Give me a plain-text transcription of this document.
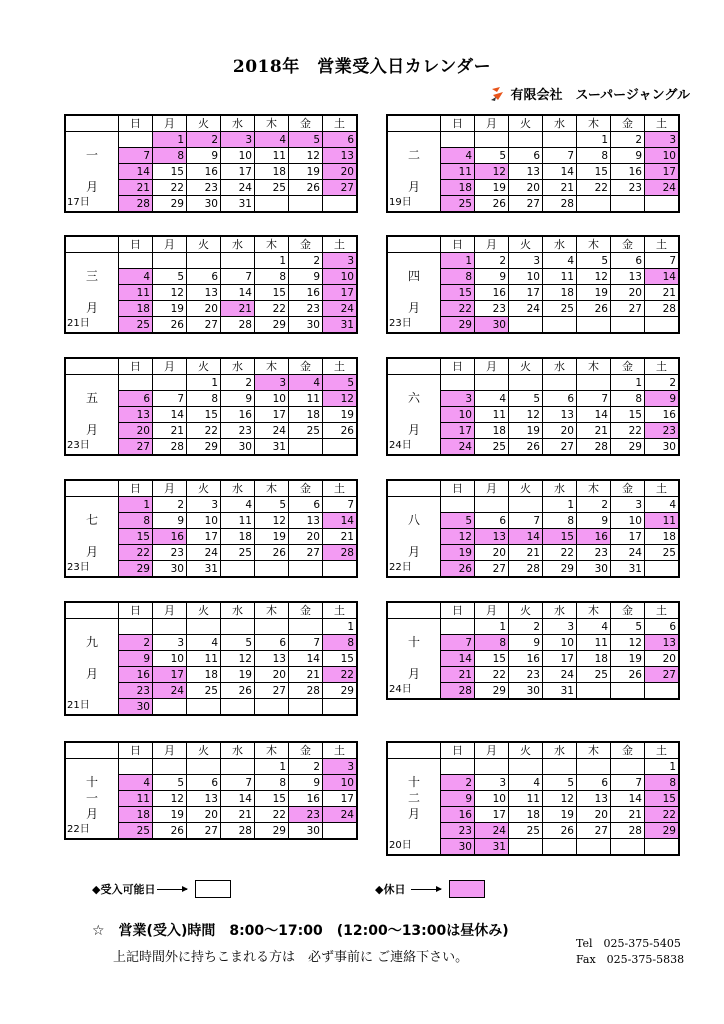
2018年　営業受入日カレンダー
有限会社　スーパージャングル
	日	月	火	水	木	金	土
		1	2	3	4	5	6
一	7	8	9	10	11	12	13
	14	15	16	17	18	19	20
月	21	22	23	24	25	26	27
17日	28	29	30	31			
	日	月	火	水	木	金	土
					1	2	3
二	4	5	6	7	8	9	10
	11	12	13	14	15	16	17
月	18	19	20	21	22	23	24
19日	25	26	27	28			
	日	月	火	水	木	金	土
					1	2	3
三	4	5	6	7	8	9	10
	11	12	13	14	15	16	17
月	18	19	20	21	22	23	24
21日	25	26	27	28	29	30	31
	日	月	火	水	木	金	土
	1	2	3	4	5	6	7
四	8	9	10	11	12	13	14
	15	16	17	18	19	20	21
月	22	23	24	25	26	27	28
23日	29	30					
	日	月	火	水	木	金	土
			1	2	3	4	5
五	6	7	8	9	10	11	12
	13	14	15	16	17	18	19
月	20	21	22	23	24	25	26
23日	27	28	29	30	31		
	日	月	火	水	木	金	土
						1	2
六	3	4	5	6	7	8	9
	10	11	12	13	14	15	16
月	17	18	19	20	21	22	23
24日	24	25	26	27	28	29	30
	日	月	火	水	木	金	土
	1	2	3	4	5	6	7
七	8	9	10	11	12	13	14
	15	16	17	18	19	20	21
月	22	23	24	25	26	27	28
23日	29	30	31				
	日	月	火	水	木	金	土
				1	2	3	4
八	5	6	7	8	9	10	11
	12	13	14	15	16	17	18
月	19	20	21	22	23	24	25
22日	26	27	28	29	30	31	
	日	月	火	水	木	金	土
							1
九	2	3	4	5	6	7	8
	9	10	11	12	13	14	15
月	16	17	18	19	20	21	22
	23	24	25	26	27	28	29
21日	30						
	日	月	火	水	木	金	土
		1	2	3	4	5	6
十	7	8	9	10	11	12	13
	14	15	16	17	18	19	20
月	21	22	23	24	25	26	27
24日	28	29	30	31			
	日	月	火	水	木	金	土
					1	2	3
十	4	5	6	7	8	9	10
一	11	12	13	14	15	16	17
月	18	19	20	21	22	23	24
22日	25	26	27	28	29	30	
	日	月	火	水	木	金	土
							1
十	2	3	4	5	6	7	8
二	9	10	11	12	13	14	15
月	16	17	18	19	20	21	22
	23	24	25	26	27	28	29
20日	30	31					
◆受入可能日	◆休日
☆　営業(受入)時間　8:00～17:00　(12:00～13:00は昼休み)
上記時間外に持ちこまれる方は　必ず事前に ご連絡下さい。
Tel　025-375-5405
Fax　025-375-5838
